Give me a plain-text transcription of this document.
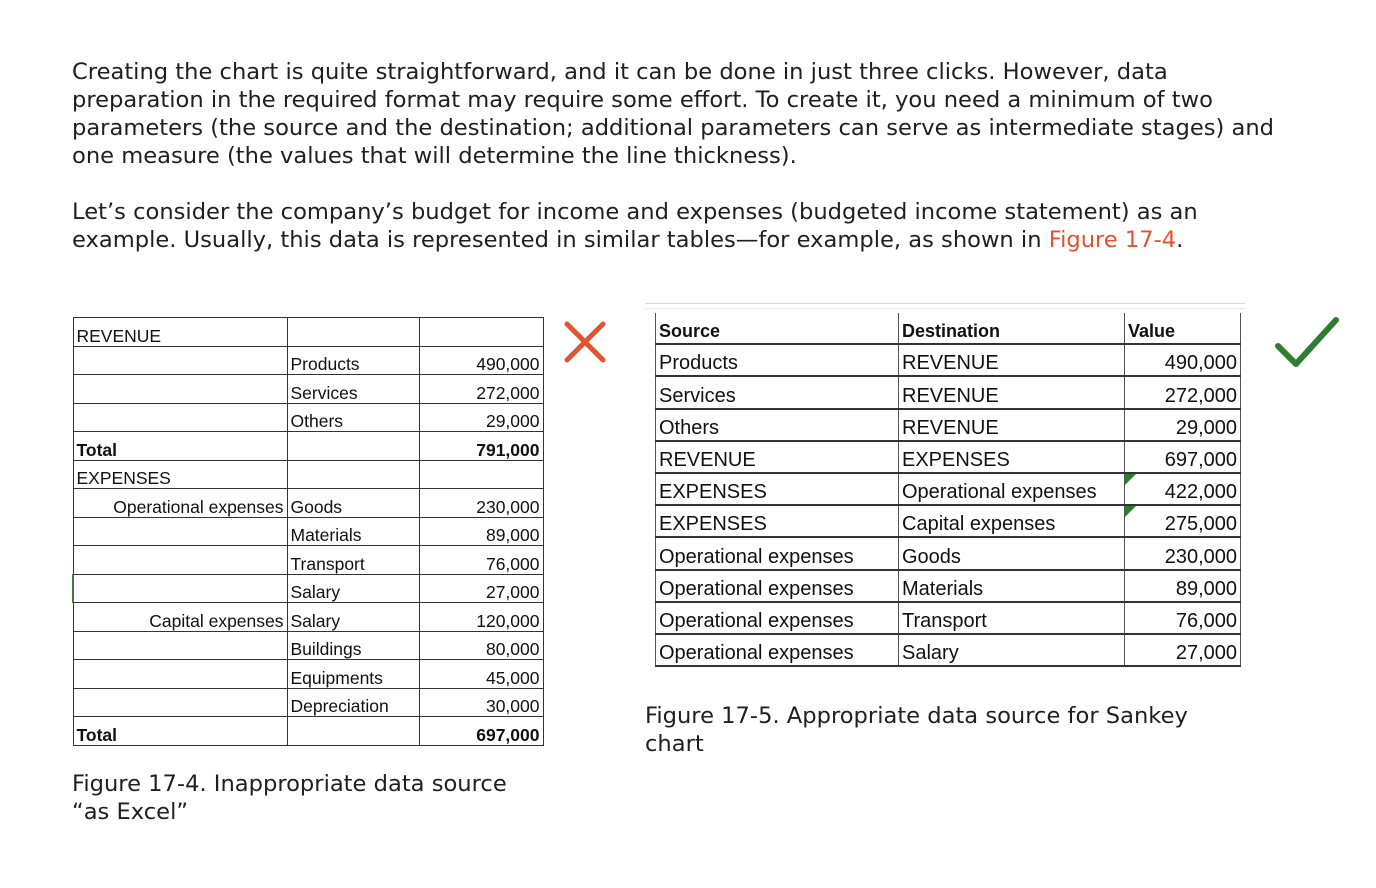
Creating the chart is quite straightforward, and it can be done in just three clicks. However, data preparation in the required format may require some effort. To create it, you need a minimum of two parameters (the source and the destination; additional parameters can serve as intermediate stages) and one measure (the values that will determine the line thickness).

Let’s consider the company’s budget for income and expenses (budgeted income statement) as an example. Usually, this data is represented in similar tables—for example, as shown in Figure 17-4.

REVENUE		
	Products	490,000
	Services	272,000
	Others	29,000
Total		791,000
EXPENSES		
Operational expenses	Goods	230,000
	Materials	89,000
	Transport	76,000
	Salary	27,000
Capital expenses	Salary	120,000
	Buildings	80,000
	Equipments	45,000
	Depreciation	30,000
Total		697,000
Source	Destination	Value
Products	REVENUE	490,000
Services	REVENUE	272,000
Others	REVENUE	29,000
REVENUE	EXPENSES	697,000
EXPENSES	Operational expenses	422,000
EXPENSES	Capital expenses	275,000
Operational expenses	Goods	230,000
Operational expenses	Materials	89,000
Operational expenses	Transport	76,000
Operational expenses	Salary	27,000

Figure 17-4. Inappropriate data source “as Excel”

Figure 17-5. Appropriate data source for Sankey chart
